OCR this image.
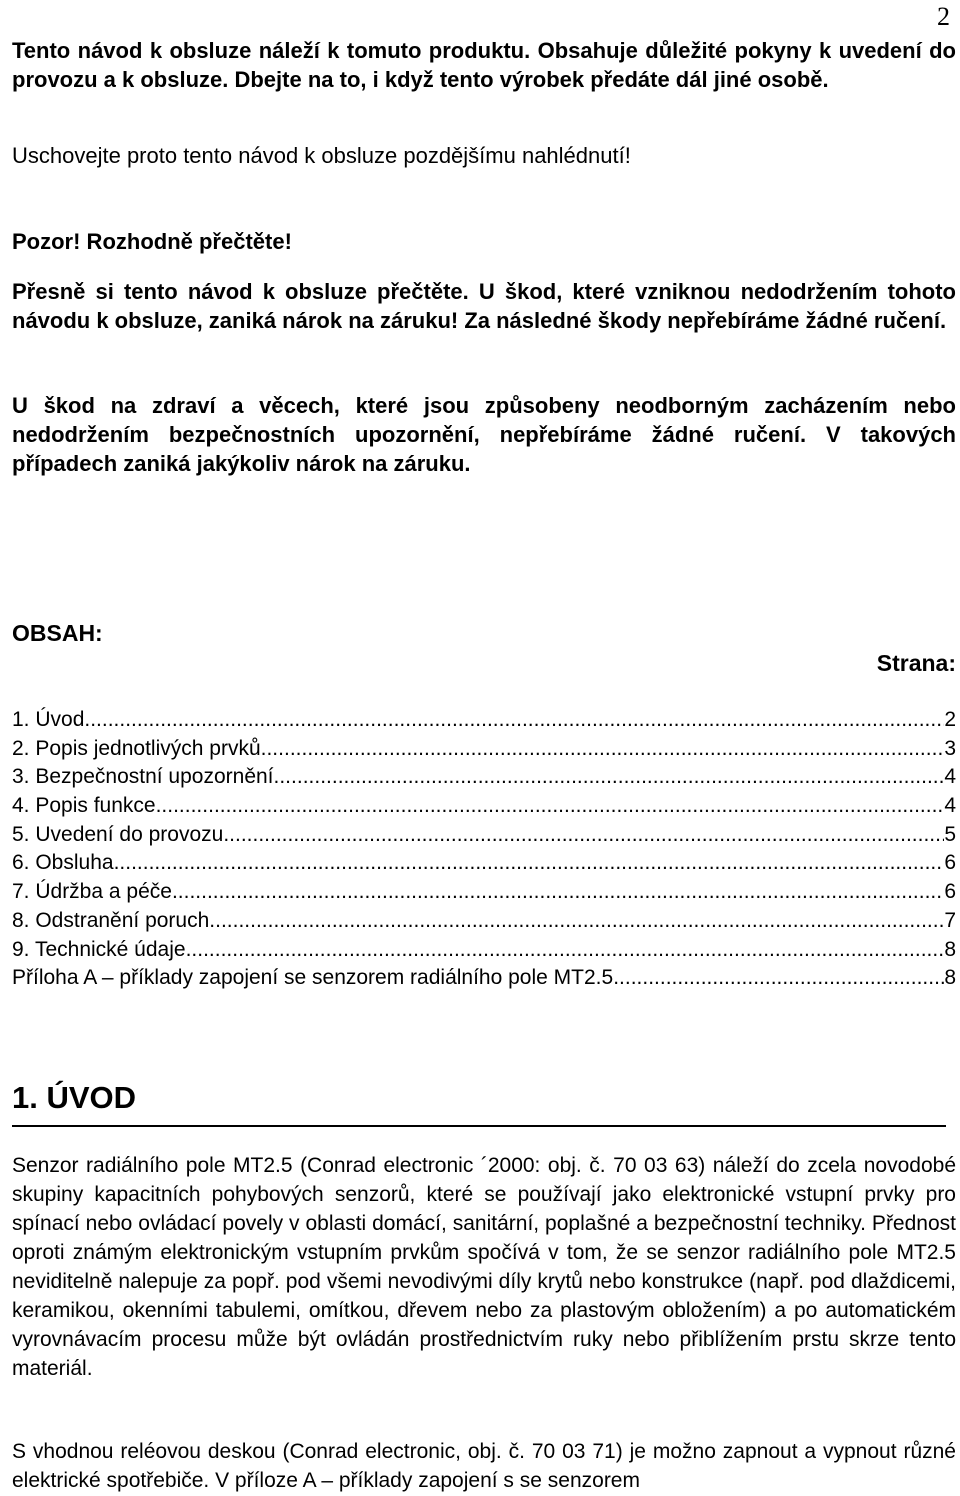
2

Tento návod k obsluze náleží k tomuto produktu. Obsahuje důležité pokyny k uvedení do provozu a k obsluze. Dbejte na to, i když tento výrobek předáte dál jiné osobě.

Uschovejte proto tento návod k obsluze pozdějšímu nahlédnutí!

Pozor! Rozhodně přečtěte!

Přesně si tento návod k obsluze přečtěte. U škod, které vzniknou nedodržením tohoto návodu k obsluze, zaniká nárok na záruku! Za následné škody nepřebíráme žádné ručení.

U škod na zdraví a věcech, které jsou způsobeny neodborným zacházením nebo nedodržením bezpečnostních upozornění, nepřebíráme žádné ručení. V takových případech zaniká jakýkoliv nárok na záruku.

OBSAH:
Strana:
1. Úvod .....	2
2. Popis jednotlivých prvků .....	3
3. Bezpečnostní upozornění .....	4
4. Popis funkce .....	4
5. Uvedení do provozu .....	5
6. Obsluha .....	6
7. Údržba a péče .....	6
8. Odstranění poruch .....	7
9. Technické údaje .....	8
Příloha A – příklady zapojení se senzorem radiálního pole MT2.5 .....	8
1. ÚVOD

Senzor radiálního pole MT2.5 (Conrad electronic ´2000: obj. č. 70 03 63) náleží do zcela novodobé skupiny kapacitních pohybových senzorů, které se používají jako elektronické vstupní prvky pro spínací nebo ovládací povely v oblasti domácí, sanitární, poplašné a bezpečnostní techniky. Přednost oproti známým elektronickým vstupním prvkům spočívá v tom, že se senzor radiálního pole MT2.5 neviditelně nalepuje za popř. pod všemi nevodivými díly krytů nebo konstrukce (např. pod dlaždicemi, keramikou, okenními tabulemi, omítkou, dřevem nebo za plastovým obložením) a po automatickém vyrovnávacím procesu může být ovládán prostřednictvím ruky nebo přiblížením prstu skrze tento materiál.

S vhodnou reléovou deskou (Conrad electronic, obj. č. 70 03 71) je možno zapnout a vypnout různé elektrické spotřebiče. V příloze A – příklady zapojení s se senzorem
